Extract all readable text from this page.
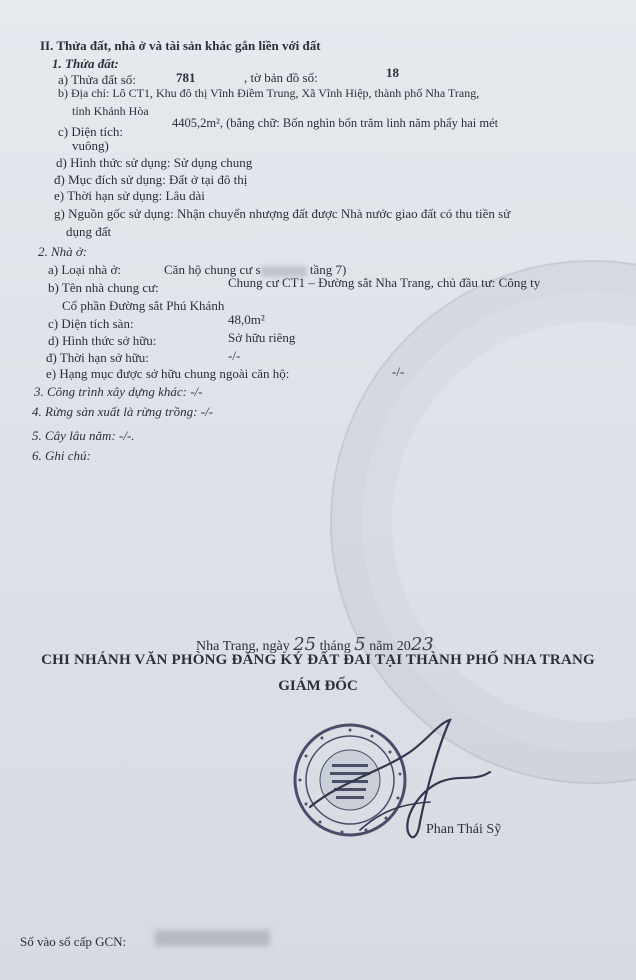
II. Thửa đất, nhà ở và tài sản khác gắn liền với đất
1. Thửa đất:
a) Thửa đất số:	781	, tờ bản đồ số:	18
b) Địa chỉ: Lô CT1, Khu đô thị Vĩnh Điềm Trung, Xã Vĩnh Hiệp, thành phố Nha Trang,
tỉnh Khánh Hòa
c) Diện tích:
4405,2m², (bằng chữ: Bốn nghìn bốn trăm linh năm phẩy hai mét
vuông)
d) Hình thức sử dụng: Sử dụng chung
đ) Mục đích sử dụng: Đất ở tại đô thị
e) Thời hạn sử dụng: Lâu dài
g) Nguồn gốc sử dụng: Nhận chuyển nhượng đất được Nhà nước giao đất có thu tiền sử
dụng đất
2. Nhà ở:
a) Loại nhà ở:	Căn hộ chung cư s	tầng 7)
b) Tên nhà chung cư:	Chung cư CT1 – Đường sắt Nha Trang, chủ đầu tư: Công ty
Cổ phần Đường sắt Phú Khánh
c) Diện tích sàn:	48,0m²
d) Hình thức sở hữu:	Sở hữu riêng
đ) Thời hạn sở hữu:	-/-
e) Hạng mục được sở hữu chung ngoài căn hộ:	-/-
3. Công trình xây dựng khác: -/-
4. Rừng sản xuất là rừng trồng: -/-
5. Cây lâu năm: -/-.
6. Ghi chú:
Nha Trang, ngày 25 tháng 5 năm 2023
CHI NHÁNH VĂN PHÒNG ĐĂNG KÝ ĐẤT ĐAI TẠI THÀNH PHỐ NHA TRANG
GIÁM ĐỐC
Phan Thái Sỹ
Số vào sổ cấp GCN:
